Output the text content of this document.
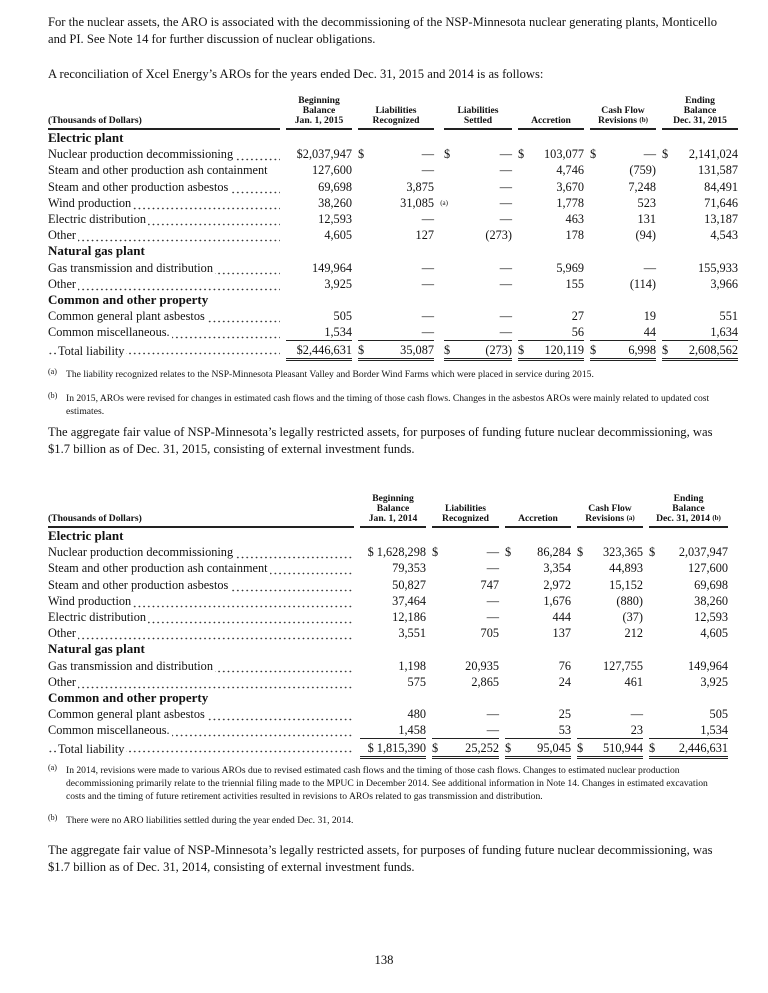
For the nuclear assets, the ARO is associated with the decommissioning of the NSP-Minnesota nuclear generating plants, Monticello and PI. See Note 14 for further discussion of nuclear obligations.
A reconciliation of Xcel Energy’s AROs for the years ended Dec. 31, 2015 and 2014 is as follows:
(Thousands of Dollars)		Beginning
Balance
Jan. 1, 2015		Liabilities
Recognized		Liabilities
Settled		Accretion		Cash Flow
Revisions $^{(b)}$		Ending
Balance
Dec. 31, 2015
Electric plant												
Nuclear production decommissioning		$2,037,947		$ —		$ —		$ 103,077		$ —		$ 2,141,024
Steam and other production ash containment		127,600		—		—		4,746		(759)		131,587
Steam and other production asbestos		69,698		3,875		—		3,670		7,248		84,491
Wind production		38,260		31,085 (a)		—		1,778		523		71,646
Electric distribution		12,593		—		—		463		131		13,187
Other		4,605		127		(273)		178		(94)		4,543
Natural gas plant												
Gas transmission and distribution		149,964		—		—		5,969		—		155,933
Other		3,925		—		—		155		(114)		3,966
Common and other property												
Common general plant asbestos		505		—		—		27		19		551
Common miscellaneous.		1,534		—		—		56		44		1,634
Total liability		$2,446,631		$ 35,087		$ (273)		$ 120,119		$ 6,998		$ 2,608,562
(a) The liability recognized relates to the NSP-Minnesota Pleasant Valley and Border Wind Farms which were placed in service during 2015.
(b) In 2015, AROs were revised for changes in estimated cash flows and the timing of those cash flows. Changes in the asbestos AROs were mainly related to updated cost estimates.
The aggregate fair value of NSP-Minnesota’s legally restricted assets, for purposes of funding future nuclear decommissioning, was $1.7 billion as of Dec. 31, 2015, consisting of external investment funds.
(Thousands of Dollars)		Beginning
Balance
Jan. 1, 2014		Liabilities
Recognized		Accretion		Cash Flow
Revisions $^{(a)}$		Ending
Balance
Dec. 31, 2014 $^{(b)}$
Electric plant										
Nuclear production decommissioning		$ 1,628,298		$ —		$ 86,284		$ 323,365		$ 2,037,947
Steam and other production ash containment		79,353		—		3,354		44,893		127,600
Steam and other production asbestos		50,827		747		2,972		15,152		69,698
Wind production		37,464		—		1,676		(880)		38,260
Electric distribution		12,186		—		444		(37)		12,593
Other		3,551		705		137		212		4,605
Natural gas plant										
Gas transmission and distribution		1,198		20,935		76		127,755		149,964
Other		575		2,865		24		461		3,925
Common and other property										
Common general plant asbestos		480		—		25		—		505
Common miscellaneous.		1,458		—		53		23		1,534
Total liability		$ 1,815,390		$ 25,252		$ 95,045		$ 510,944		$ 2,446,631
(a) In 2014, revisions were made to various AROs due to revised estimated cash flows and the timing of those cash flows. Changes to estimated nuclear production decommissioning primarily relate to the triennial filing made to the MPUC in December 2014. See additional information in Note 14. Changes in estimated excavation costs and the timing of future retirement activities resulted in revisions to AROs related to gas transmission and distribution.
(b) There were no ARO liabilities settled during the year ended Dec. 31, 2014.
The aggregate fair value of NSP-Minnesota’s legally restricted assets, for purposes of funding future nuclear decommissioning, was $1.7 billion as of Dec. 31, 2014, consisting of external investment funds.
138
